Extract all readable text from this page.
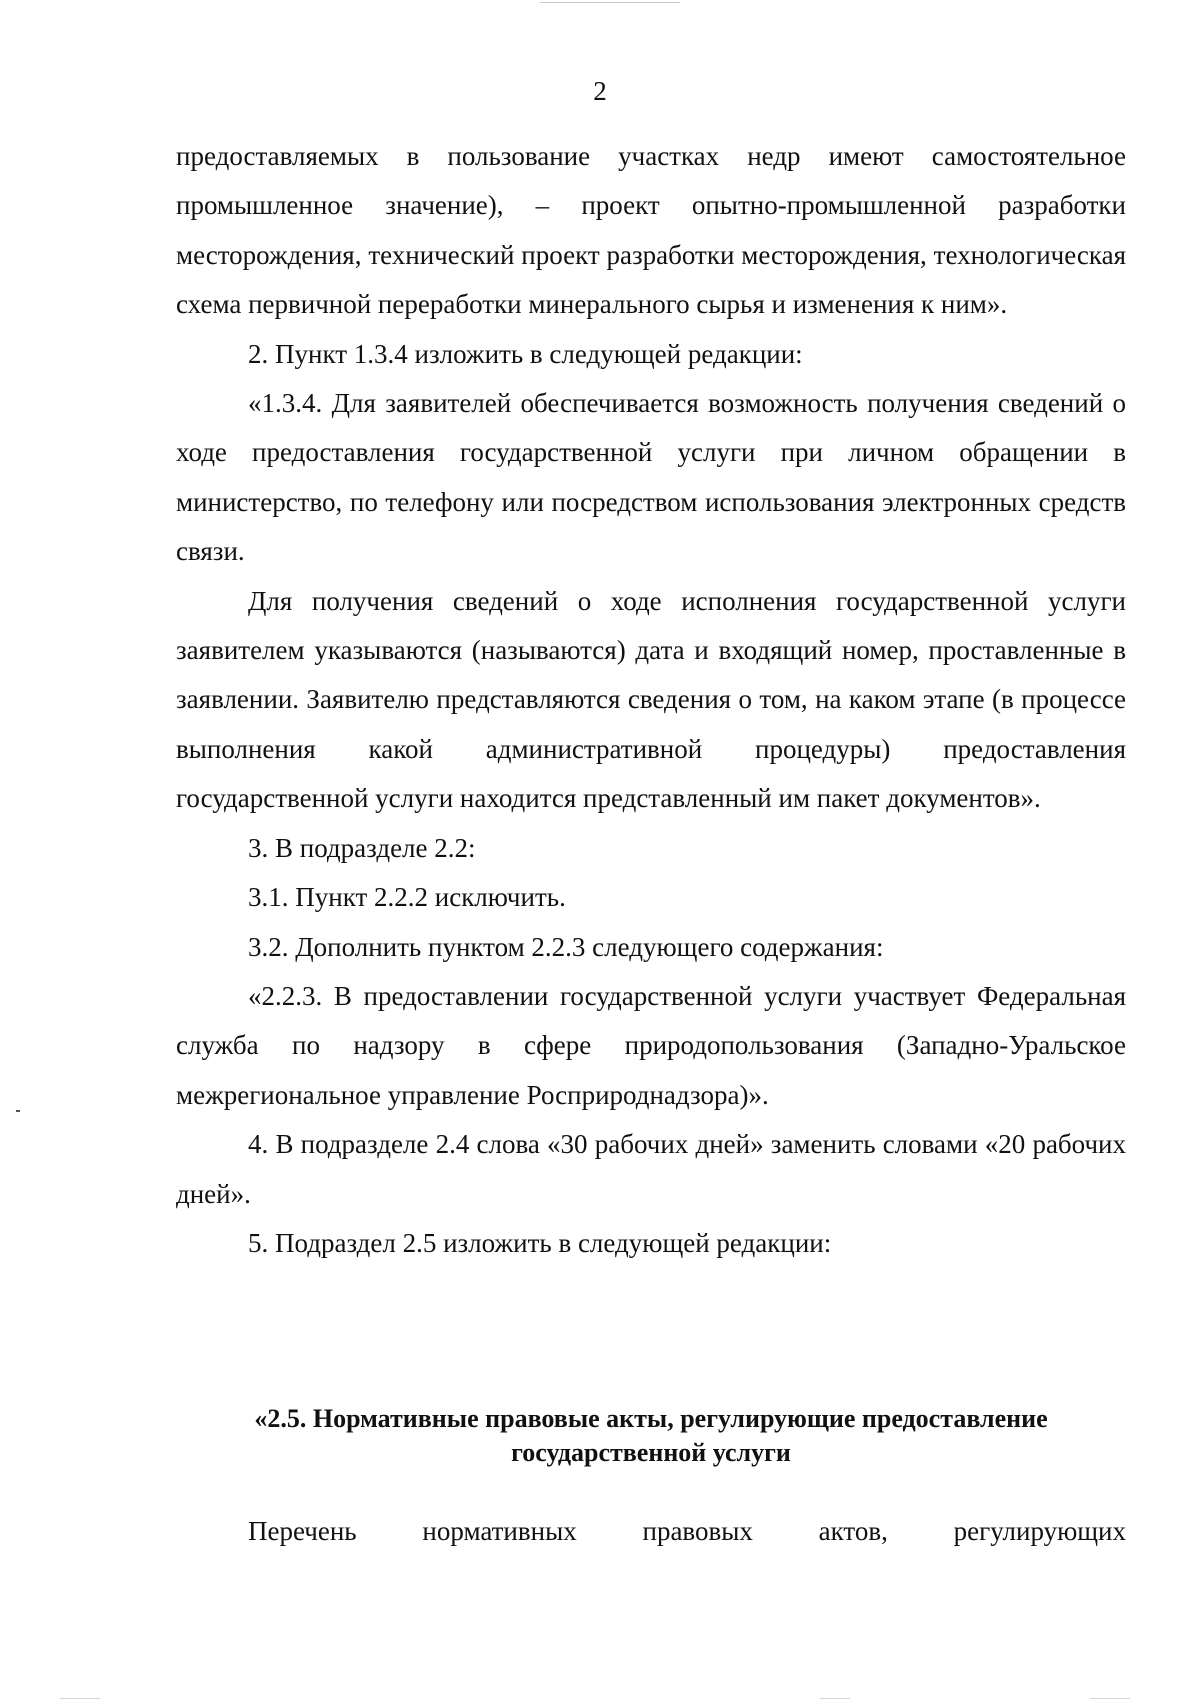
2

предоставляемых в пользование участках недр имеют самостоятельное промышленное значение), – проект опытно-промышленной разработки месторождения, технический проект разработки месторождения, технологическая схема первичной переработки минерального сырья и изменения к ним».

2. Пункт 1.3.4 изложить в следующей редакции:

«1.3.4. Для заявителей обеспечивается возможность получения сведений о ходе предоставления государственной услуги при личном обращении в министерство, по телефону или посредством использования электронных средств связи.

Для получения сведений о ходе исполнения государственной услуги заявителем указываются (называются) дата и входящий номер, проставленные в заявлении. Заявителю представляются сведения о том, на каком этапе (в процессе выполнения какой административной процедуры) предоставления государственной услуги находится представленный им пакет документов».

3. В подразделе 2.2:

3.1. Пункт 2.2.2 исключить.

3.2. Дополнить пунктом 2.2.3 следующего содержания:

«2.2.3. В предоставлении государственной услуги участвует Федеральная служба по надзору в сфере природопользования (Западно-Уральское межрегиональное управление Росприроднадзора)».

4. В подразделе 2.4 слова «30 рабочих дней» заменить словами «20 рабочих дней».

5. Подраздел 2.5 изложить в следующей редакции:

«2.5. Нормативные правовые акты, регулирующие предоставление
государственной услуги
Перечень нормативных правовых актов, регулирующих
